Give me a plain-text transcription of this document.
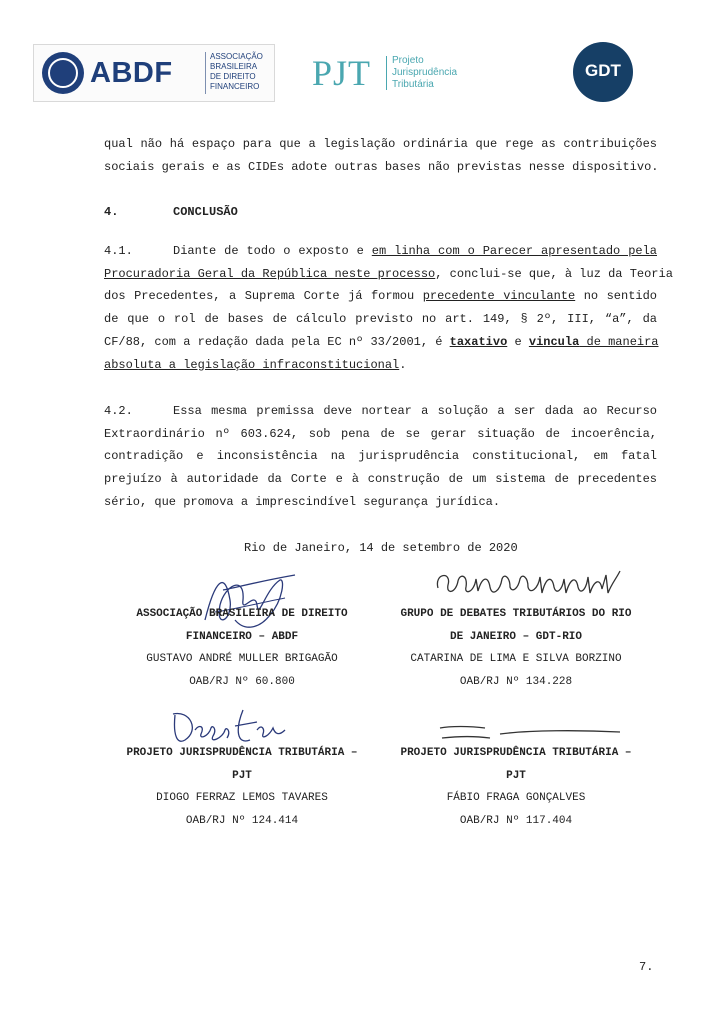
ABDF
ASSOCIAÇÃO
BRASILEIRA
DE DIREITO
FINANCEIRO PJT Projeto
Jurisprudência
Tributária
GDT
qual não há espaço para que a legislação ordinária que rege as contribuições
sociais gerais e as CIDEs adote outras bases não previstas nesse dispositivo.
4.	CONCLUSÃO
4.1.	Diante de todo o exposto e em linha com o Parecer apresentado pela
Procuradoria Geral da República neste processo, conclui-se que, à luz da Teoria
dos Precedentes, a Suprema Corte já formou precedente vinculante no sentido
de que o rol de bases de cálculo previsto no art. 149, § 2º, III, “a”, da
CF/88, com a redação dada pela EC nº 33/2001, é taxativo e vincula de maneira
absoluta a legislação infraconstitucional.
4.2.	Essa mesma premissa deve nortear a solução a ser dada ao Recurso
Extraordinário nº 603.624, sob pena de se gerar situação de incoerência,
contradição e inconsistência na jurisprudência constitucional, em fatal
prejuízo à autoridade da Corte e à construção de um sistema de precedentes
sério, que promova a imprescindível segurança jurídica.
Rio de Janeiro, 14 de setembro de 2020
ASSOCIAÇÃO BRASILEIRA DE DIREITO
FINANCEIRO – ABDF
GUSTAVO ANDRÉ MULLER BRIGAGÃO
OAB/RJ Nº 60.800
GRUPO DE DEBATES TRIBUTÁRIOS DO RIO
DE JANEIRO – GDT-RIO
CATARINA DE LIMA E SILVA BORZINO
OAB/RJ Nº 134.228
PROJETO JURISPRUDÊNCIA TRIBUTÁRIA –
PJT
DIOGO FERRAZ LEMOS TAVARES
OAB/RJ Nº 124.414
PROJETO JURISPRUDÊNCIA TRIBUTÁRIA –
PJT
FÁBIO FRAGA GONÇALVES
OAB/RJ Nº 117.404
7.
